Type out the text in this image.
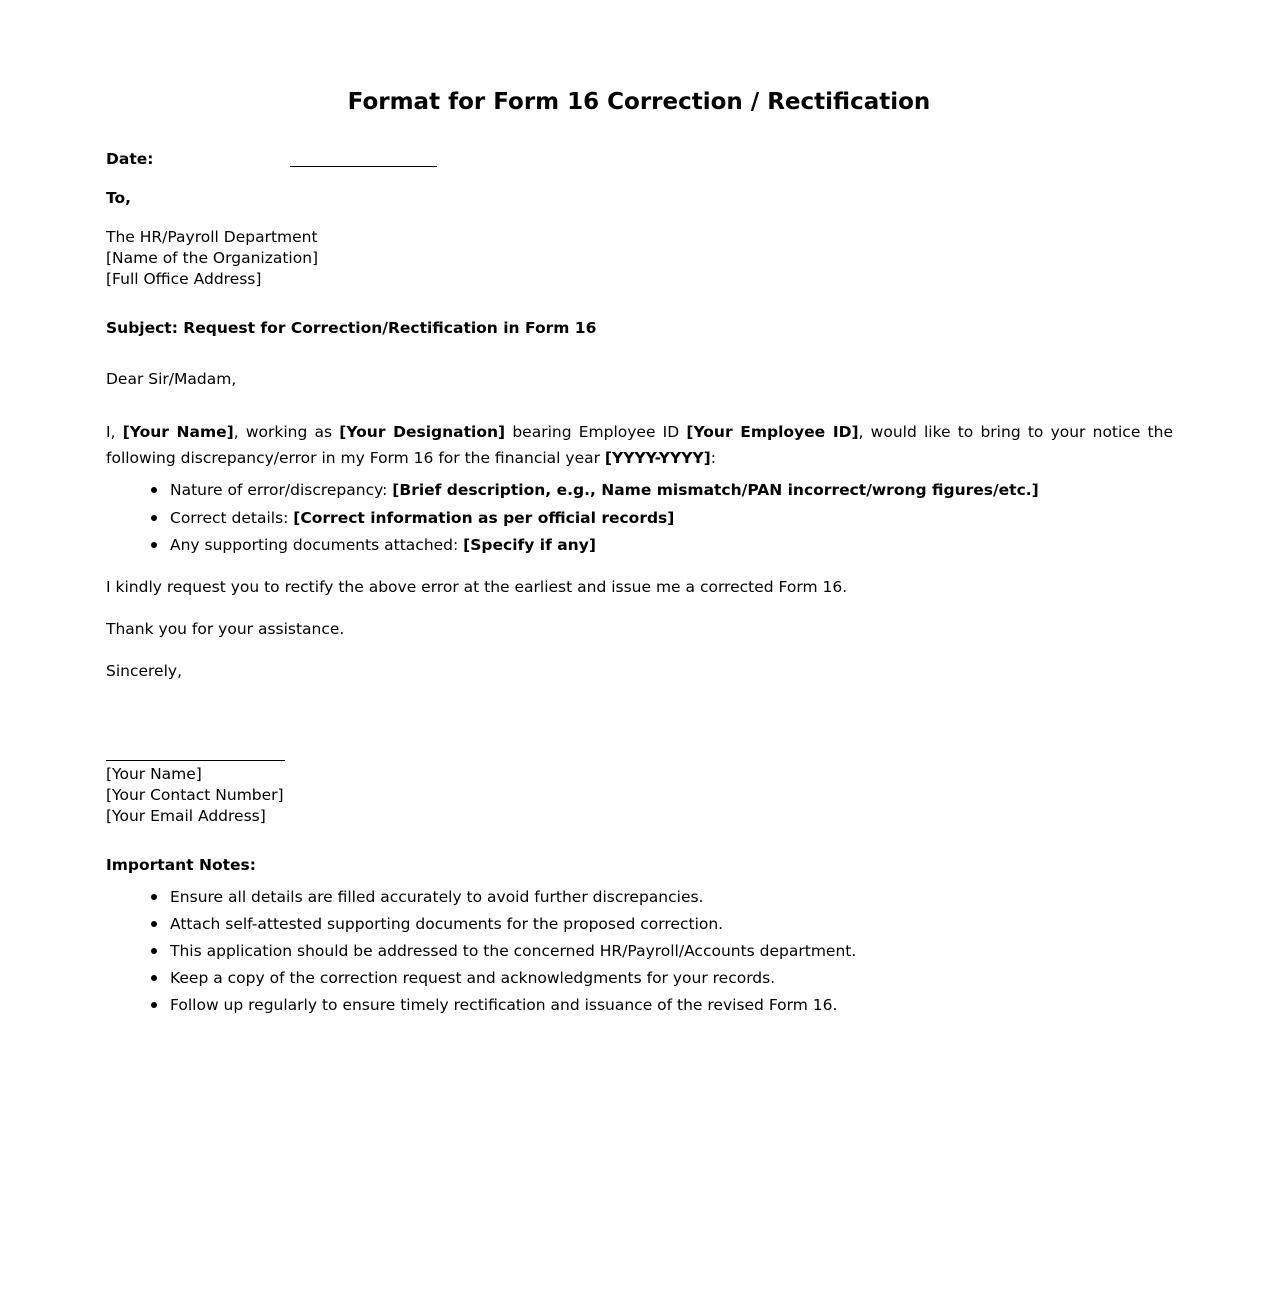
Format for Form 16 Correction / Rectification
Date:
To,
The HR/Payroll Department
[Name of the Organization]
[Full Office Address]
Subject: Request for Correction/Rectification in Form 16
Dear Sir/Madam,
I, [Your Name], working as [Your Designation] bearing Employee ID [Your Employee ID], would like to bring to your notice the following discrepancy/error in my Form 16 for the financial year [YYYY-YYYY]:
Nature of error/discrepancy: [Brief description, e.g., Name mismatch/PAN incorrect/wrong figures/etc.]
Correct details: [Correct information as per official records]
Any supporting documents attached: [Specify if any]
I kindly request you to rectify the above error at the earliest and issue me a corrected Form 16.
Thank you for your assistance.
Sincerely,
[Your Name]
[Your Contact Number]
[Your Email Address]
Important Notes:
Ensure all details are filled accurately to avoid further discrepancies.
Attach self-attested supporting documents for the proposed correction.
This application should be addressed to the concerned HR/Payroll/Accounts department.
Keep a copy of the correction request and acknowledgments for your records.
Follow up regularly to ensure timely rectification and issuance of the revised Form 16.
